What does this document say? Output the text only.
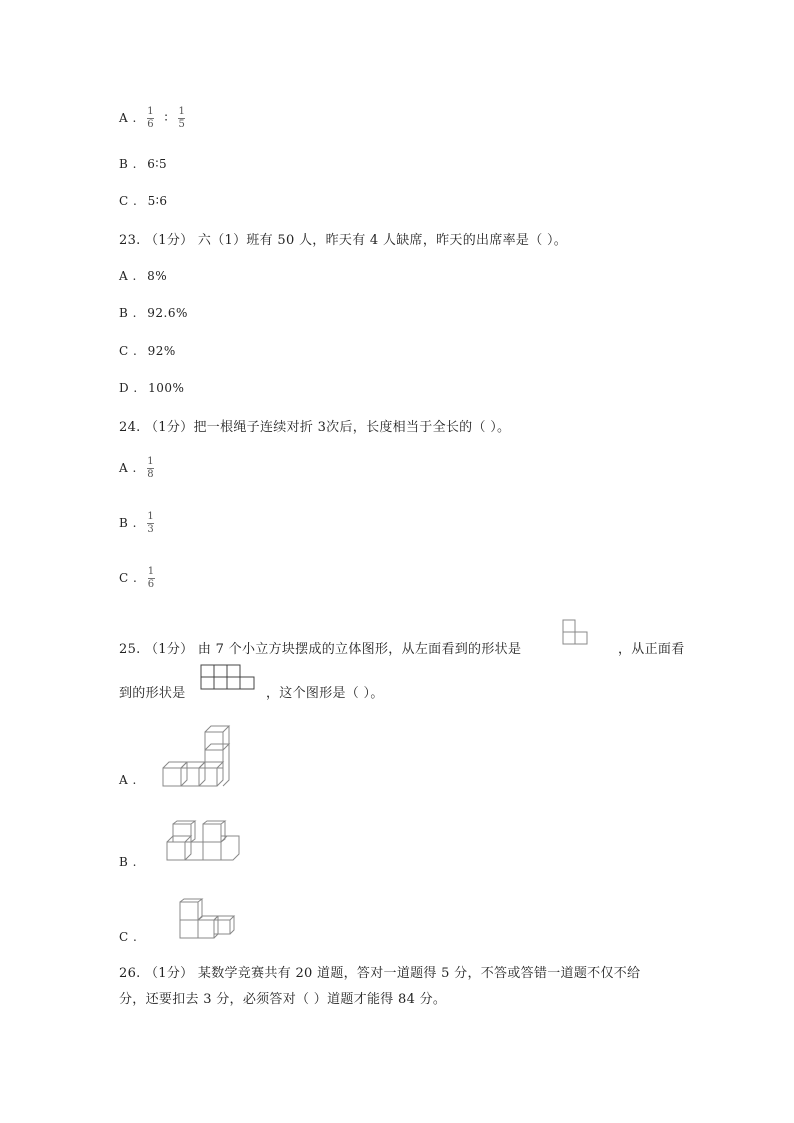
A . $\frac{1}{6}$ ∶ $\frac{1}{5}$
B . 6∶5
C . 5∶6
23. （1分） 六（1）班有 50 人，昨天有 4 人缺席，昨天的出席率是（ ）。
A . 8%
B . 92.6%
C . 92%
D . 100%
24. （1分）把一根绳子连续对折 3次后，长度相当于全长的（ ）。
A . $\frac{1}{8}$
B . $\frac{1}{3}$
C . $\frac{1}{6}$
25. （1分） 由 7 个小立方块摆成的立体图形，从左面看到的形状是	，从正面看
到的形状是	，这个图形是（ ）。
A .
B .
C .
26. （1分） 某数学竞赛共有 20 道题，答对一道题得 5 分，不答或答错一道题不仅不给
分，还要扣去 3 分，必须答对（ ）道题才能得 84 分。
